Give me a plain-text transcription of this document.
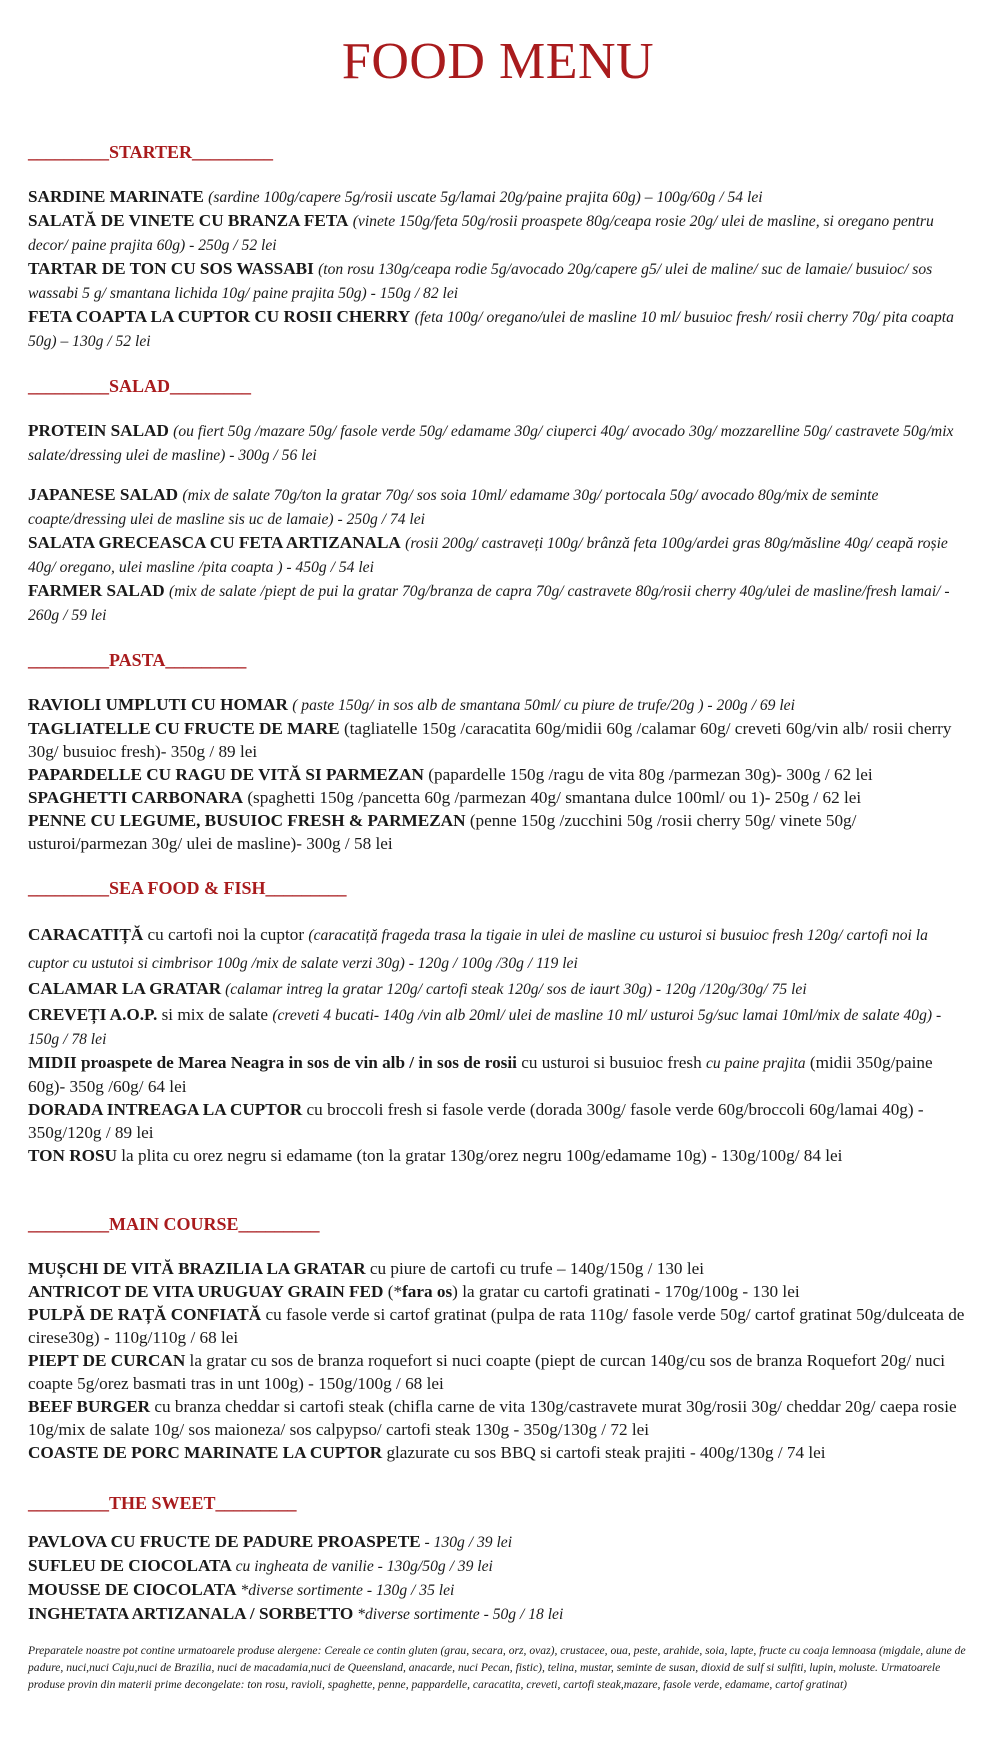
FOOD MENU

_________STARTER_________

SARDINE MARINATE (sardine 100g/capere 5g/rosii uscate 5g/lamai 20g/paine prajita 60g) – 100g/60g / 54 lei

SALATĂ DE VINETE CU BRANZA FETA (vinete 150g/feta 50g/rosii proaspete 80g/ceapa rosie 20g/ ulei de masline, si oregano pentru decor/ paine prajita 60g) - 250g / 52 lei

TARTAR DE TON CU SOS WASSABI (ton rosu 130g/ceapa rodie 5g/avocado 20g/capere g5/ ulei de maline/ suc de lamaie/ busuioc/ sos wassabi 5 g/ smantana lichida 10g/ paine prajita 50g) - 150g / 82 lei

FETA COAPTA LA CUPTOR CU ROSII CHERRY (feta 100g/ oregano/ulei de masline 10 ml/ busuioc fresh/ rosii cherry 70g/ pita coapta 50g) – 130g / 52 lei

_________SALAD_________

PROTEIN SALAD (ou fiert 50g /mazare 50g/ fasole verde 50g/ edamame 30g/ ciuperci 40g/ avocado 30g/ mozzarelline 50g/ castravete 50g/mix salate/dressing ulei de masline) - 300g / 56 lei

JAPANESE SALAD (mix de salate 70g/ton la gratar 70g/ sos soia 10ml/ edamame 30g/ portocala 50g/ avocado 80g/mix de seminte coapte/dressing ulei de masline sis uc de lamaie) - 250g / 74 lei

SALATA GRECEASCA CU FETA ARTIZANALA (rosii 200g/ castraveți 100g/ brânză feta 100g/ardei gras 80g/măsline 40g/ ceapă roșie 40g/ oregano, ulei masline /pita coapta ) - 450g / 54 lei

FARMER SALAD (mix de salate /piept de pui la gratar 70g/branza de capra 70g/ castravete 80g/rosii cherry 40g/ulei de masline/fresh lamai/ - 260g / 59 lei

_________PASTA_________

RAVIOLI UMPLUTI CU HOMAR ( paste 150g/ in sos alb de smantana 50ml/ cu piure de trufe/20g ) - 200g / 69 lei

TAGLIATELLE CU FRUCTE DE MARE (tagliatelle 150g /caracatita 60g/midii 60g /calamar 60g/ creveti 60g/vin alb/ rosii cherry 30g/ busuioc fresh)- 350g / 89 lei

PAPARDELLE CU RAGU DE VITĂ SI PARMEZAN (papardelle 150g /ragu de vita 80g /parmezan 30g)- 300g / 62 lei

SPAGHETTI CARBONARA (spaghetti 150g /pancetta 60g /parmezan 40g/ smantana dulce 100ml/ ou 1)- 250g / 62 lei

PENNE CU LEGUME, BUSUIOC FRESH & PARMEZAN (penne 150g /zucchini 50g /rosii cherry 50g/ vinete 50g/ usturoi/parmezan 30g/ ulei de masline)- 300g / 58 lei

_________SEA FOOD & FISH_________

CARACATIȚĂ cu cartofi noi la cuptor (caracatiță frageda trasa la tigaie in ulei de masline cu usturoi si busuioc fresh 120g/ cartofi noi la cuptor cu ustutoi si cimbrisor 100g /mix de salate verzi 30g) - 120g / 100g /30g / 119 lei

CALAMAR LA GRATAR (calamar intreg la gratar 120g/ cartofi steak 120g/ sos de iaurt 30g) - 120g /120g/30g/ 75 lei

CREVEȚI A.O.P. si mix de salate (creveti 4 bucati- 140g /vin alb 20ml/ ulei de masline 10 ml/ usturoi 5g/suc lamai 10ml/mix de salate 40g) - 150g / 78 lei

MIDII proaspete de Marea Neagra in sos de vin alb / in sos de rosii cu usturoi si busuioc fresh cu paine prajita (midii 350g/paine 60g)- 350g /60g/ 64 lei

DORADA INTREAGA LA CUPTOR cu broccoli fresh si fasole verde (dorada 300g/ fasole verde 60g/broccoli 60g/lamai 40g) - 350g/120g / 89 lei

TON ROSU la plita cu orez negru si edamame (ton la gratar 130g/orez negru 100g/edamame 10g) - 130g/100g/ 84 lei

_________MAIN COURSE_________

MUȘCHI DE VITĂ BRAZILIA LA GRATAR cu piure de cartofi cu trufe – 140g/150g / 130 lei

ANTRICOT DE VITA URUGUAY GRAIN FED (*fara os) la gratar cu cartofi gratinati - 170g/100g - 130 lei

PULPĂ DE RAȚĂ CONFIATĂ cu fasole verde si cartof gratinat (pulpa de rata 110g/ fasole verde 50g/ cartof gratinat 50g/dulceata de cirese30g) - 110g/110g / 68 lei

PIEPT DE CURCAN la gratar cu sos de branza roquefort si nuci coapte (piept de curcan 140g/cu sos de branza Roquefort 20g/ nuci coapte 5g/orez basmati tras in unt 100g) - 150g/100g / 68 lei

BEEF BURGER cu branza cheddar si cartofi steak (chifla carne de vita 130g/castravete murat 30g/rosii 30g/ cheddar 20g/ caepa rosie 10g/mix de salate 10g/ sos maioneza/ sos calpypso/ cartofi steak 130g - 350g/130g / 72 lei

COASTE DE PORC MARINATE LA CUPTOR glazurate cu sos BBQ si cartofi steak prajiti - 400g/130g / 74 lei

_________THE SWEET_________

PAVLOVA CU FRUCTE DE PADURE PROASPETE - 130g / 39 lei

SUFLEU DE CIOCOLATA cu ingheata de vanilie - 130g/50g / 39 lei

MOUSSE DE CIOCOLATA *diverse sortimente - 130g / 35 lei

INGHETATA ARTIZANALA / SORBETTO *diverse sortimente - 50g / 18 lei

Preparatele noastre pot contine urmatoarele produse alergene: Cereale ce contin gluten (grau, secara, orz, ovaz), crustacee, oua, peste, arahide, soia, lapte, fructe cu coaja lemnoasa (migdale, alune de padure, nuci,nuci Caju,nuci de Brazilia, nuci de macadamia,nuci de Queensland, anacarde, nuci Pecan, fistic), telina, mustar, seminte de susan, dioxid de sulf si sulfiti, lupin, moluste. Urmatoarele produse provin din materii prime decongelate: ton rosu, ravioli, spaghette, penne, pappardelle, caracatita, creveti, cartofi steak,mazare, fasole verde, edamame, cartof gratinat)
